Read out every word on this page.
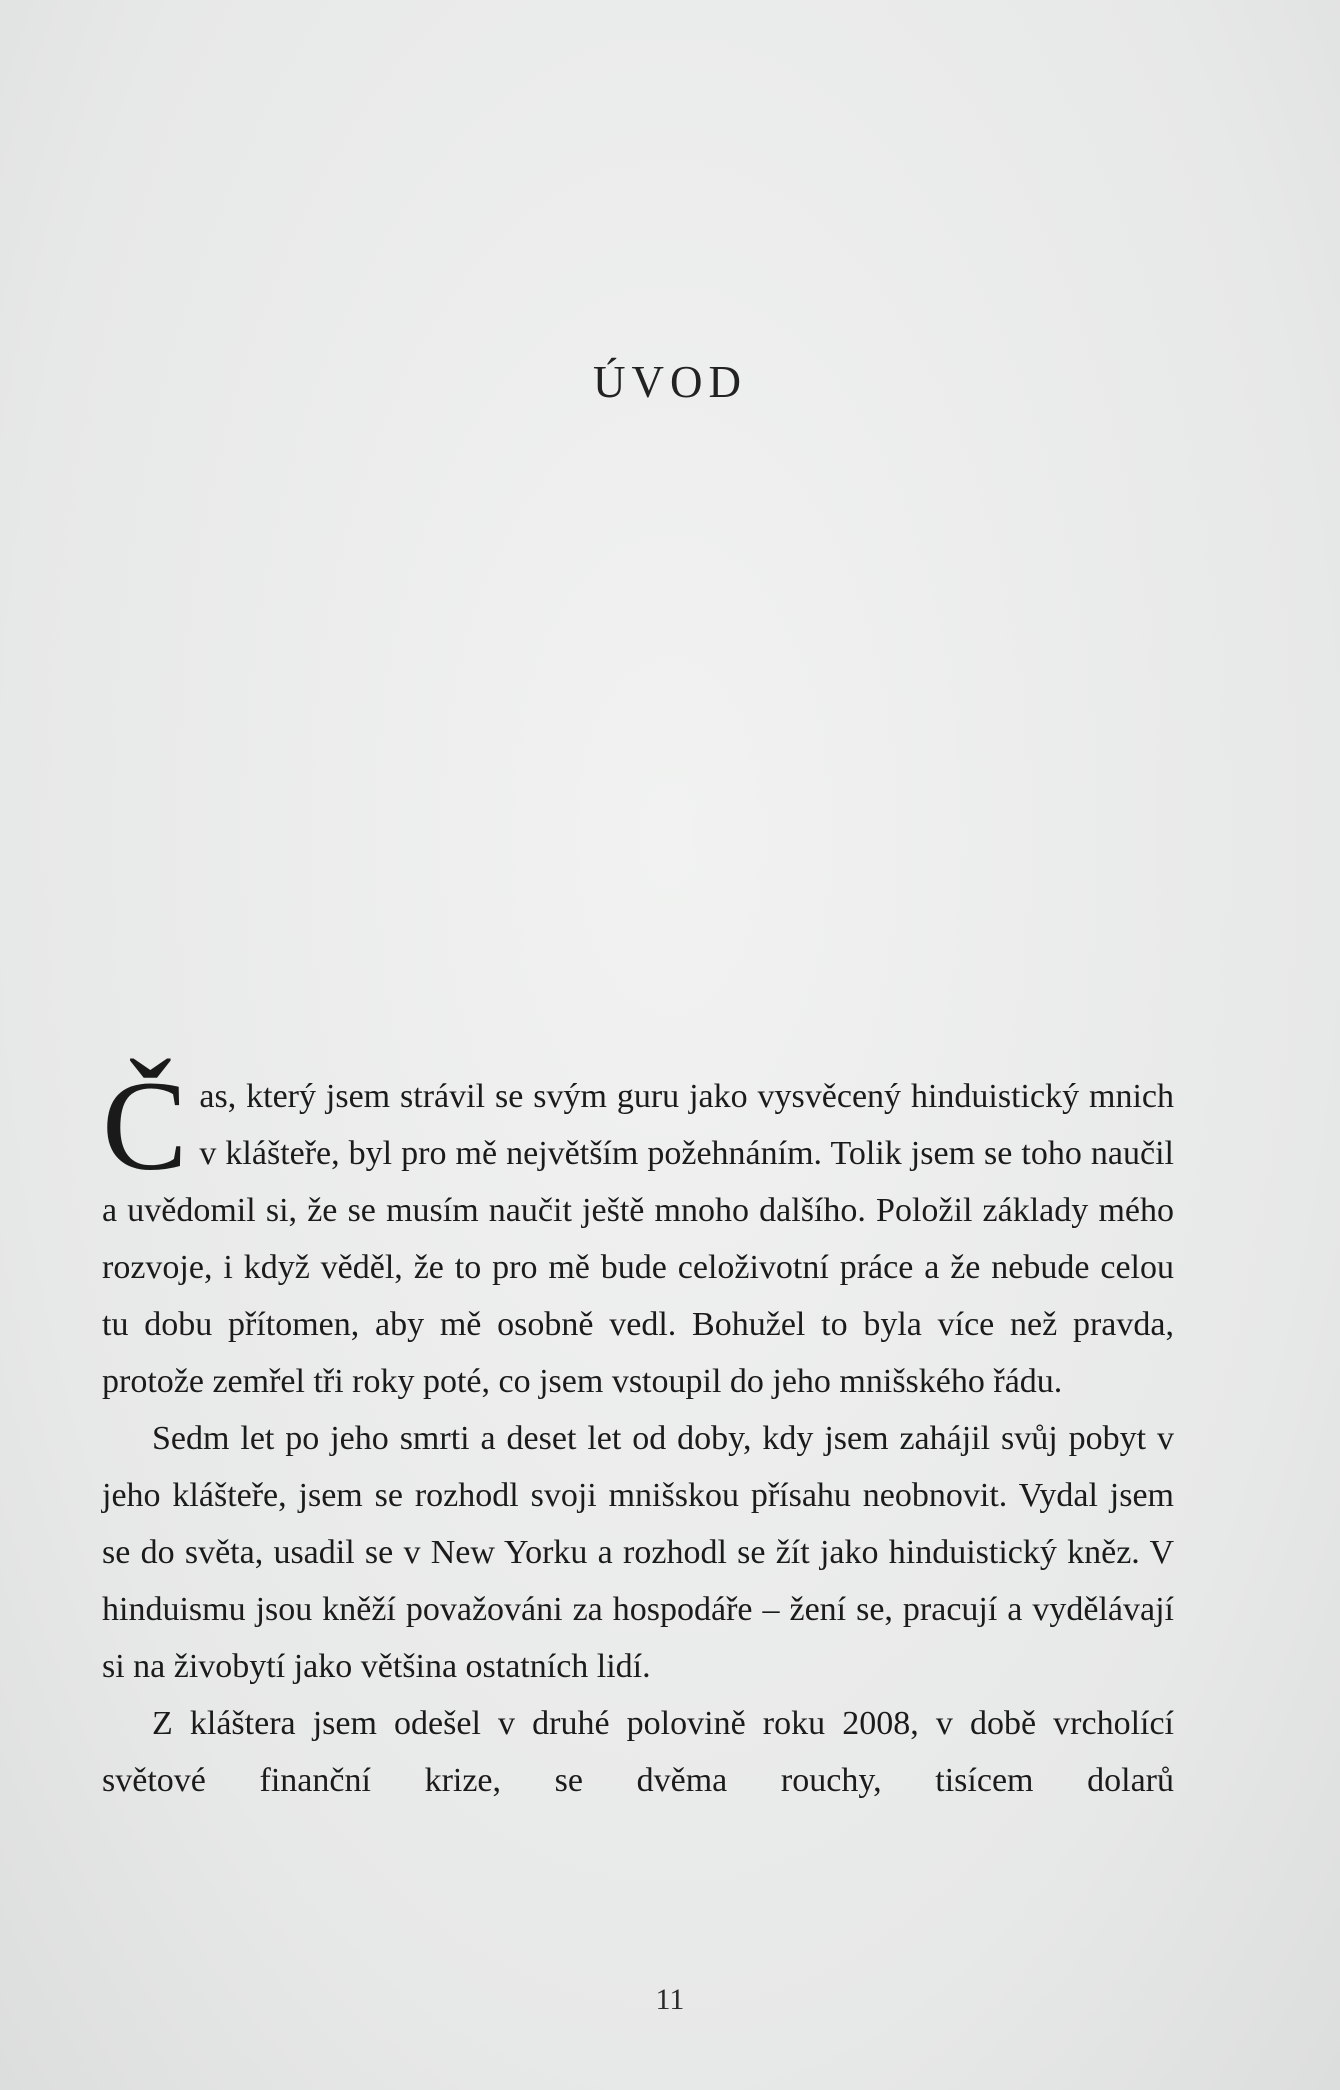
ÚVOD

Čas, který jsem strávil se svým guru jako vysvěcený hinduistický mnich v klášteře, byl pro mě největším požehnáním. Tolik jsem se toho naučil a uvědomil si, že se musím naučit ještě mnoho dalšího. Položil základy mého rozvoje, i když věděl, že to pro mě bude celoživotní práce a že nebude celou tu dobu přítomen, aby mě osobně vedl. Bohužel to byla více než pravda, protože zemřel tři roky poté, co jsem vstoupil do jeho mnišského řádu.

Sedm let po jeho smrti a deset let od doby, kdy jsem zahájil svůj pobyt v jeho klášteře, jsem se rozhodl svoji mnišskou přísahu neobnovit. Vydal jsem se do světa, usadil se v New Yorku a rozhodl se žít jako hinduistický kněz. V hinduismu jsou kněží považováni za hospodáře – žení se, pracují a vydělávají si na živobytí jako většina ostatních lidí.

Z kláštera jsem odešel v druhé polovině roku 2008, v době vrcholící světové finanční krize, se dvěma rouchy, tisícem dolarů

11
